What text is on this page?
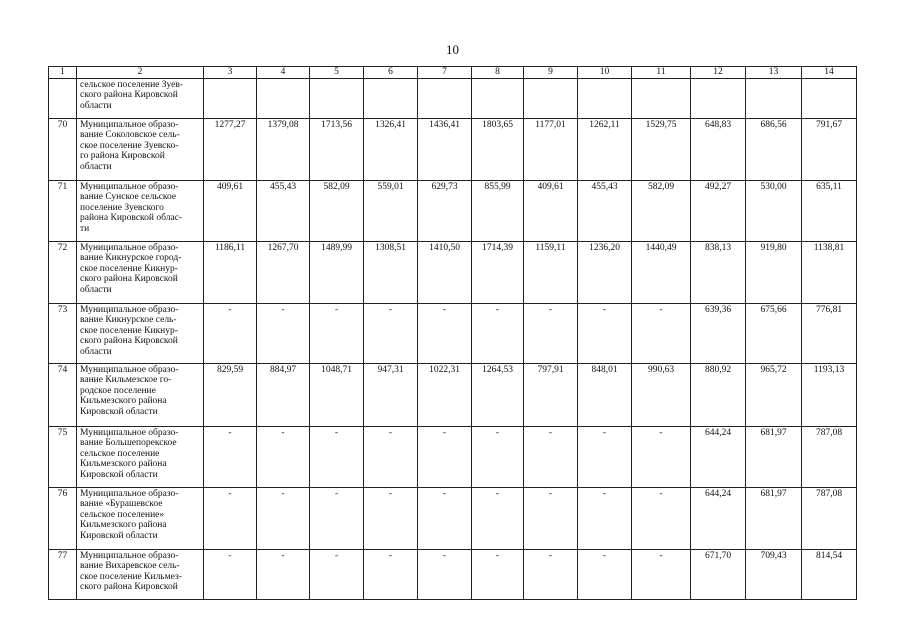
10
1	2	3	4	5	6	7	8	9	10	11	12	13	14
	сельское поселение Зуев-
ского района Кировской
области												
70	Муниципальное образо-
вание Соколовское сель-
ское поселение Зуевско-
го района Кировской
области	1277,27	1379,08	1713,56	1326,41	1436,41	1803,65	1177,01	1262,11	1529,75	648,83	686,56	791,67
71	Муниципальное образо-
вание Сунское сельское
поселение Зуевского
района Кировской облас-
ти	409,61	455,43	582,09	559,01	629,73	855,99	409,61	455,43	582,09	492,27	530,00	635,11
72	Муниципальное образо-
вание Кикнурское город-
ское поселение Кикнур-
ского района Кировской
области	1186,11	1267,70	1489,99	1308,51	1410,50	1714,39	1159,11	1236,20	1440,49	838,13	919,80	1138,81
73	Муниципальное образо-
вание Кикнурское сель-
ское поселение Кикнур-
ского района Кировской
области	-	-	-	-	-	-	-	-	-	639,36	675,66	776,81
74	Муниципальное образо-
вание Кильмезское го-
родское поселение
Кильмезского района
Кировской области	829,59	884,97	1048,71	947,31	1022,31	1264,53	797,91	848,01	990,63	880,92	965,72	1193,13
75	Муниципальное образо-
вание Большепорекское
сельское поселение
Кильмезского района
Кировской области	-	-	-	-	-	-	-	-	-	644,24	681,97	787,08
76	Муниципальное образо-
вание «Бурашевское
сельское поселение»
Кильмезского района
Кировской области	-	-	-	-	-	-	-	-	-	644,24	681,97	787,08
77	Муниципальное образо-
вание Вихаревское сель-
ское поселение Кильмез-
ского района Кировской	-	-	-	-	-	-	-	-	-	671,70	709,43	814,54
